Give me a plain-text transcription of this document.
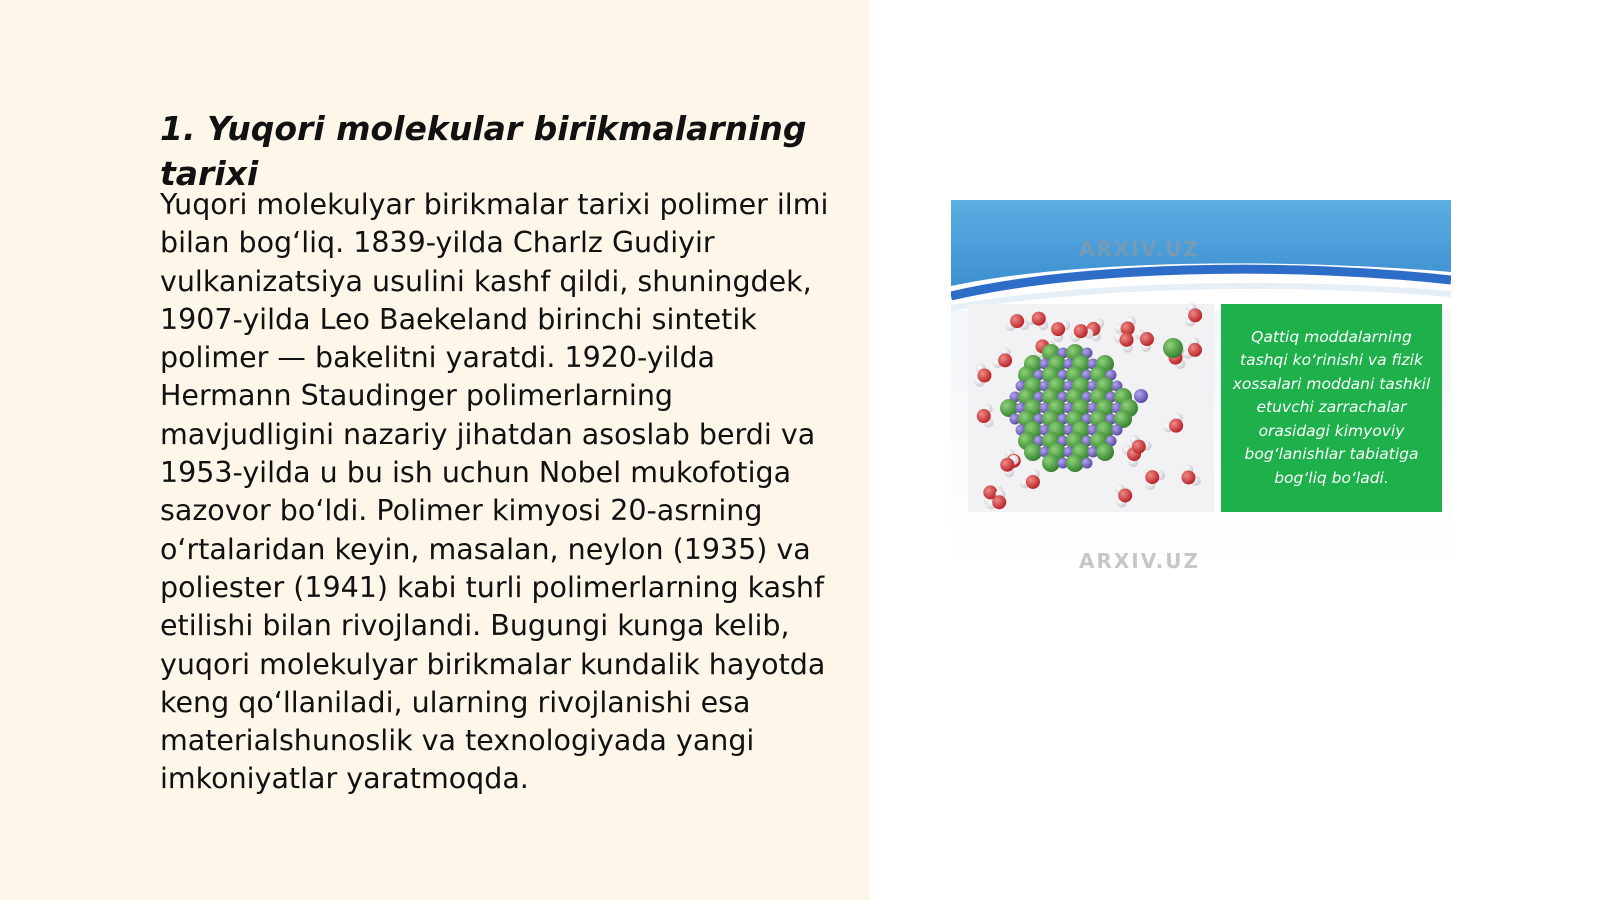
1. Yuqori molekular birikmalarning tarixi

Yuqori molekulyar birikmalar tarixi polimer ilmi bilan bog‘liq. 1839-yilda Charlz Gudiyir vulkanizatsiya usulini kashf qildi, shuningdek, 1907-yilda Leo Baekeland birinchi sintetik polimer — bakelitni yaratdi. 1920-yilda Hermann Staudinger polimerlarning mavjudligini nazariy jihatdan asoslab berdi va 1953-yilda u bu ish uchun Nobel mukofotiga sazovor bo‘ldi. Polimer kimyosi 20-asrning o‘rtalaridan keyin, masalan, neylon (1935) va poliester (1941) kabi turli polimerlarning kashf etilishi bilan rivojlandi. Bugungi kunga kelib, yuqori molekulyar birikmalar kundalik hayotda keng qo‘llaniladi, ularning rivojlanishi esa materialshunoslik va texnologiyada yangi imkoniyatlar yaratmoqda.

ARXIV.UZ
ARXIV.UZ
Qattiq moddalarning tashqi ko‘rinishi va fizik xossalari moddani tashkil etuvchi zarrachalar orasidagi kimyoviy bog‘lanishlar tabiatiga bog‘liq bo‘ladi.
